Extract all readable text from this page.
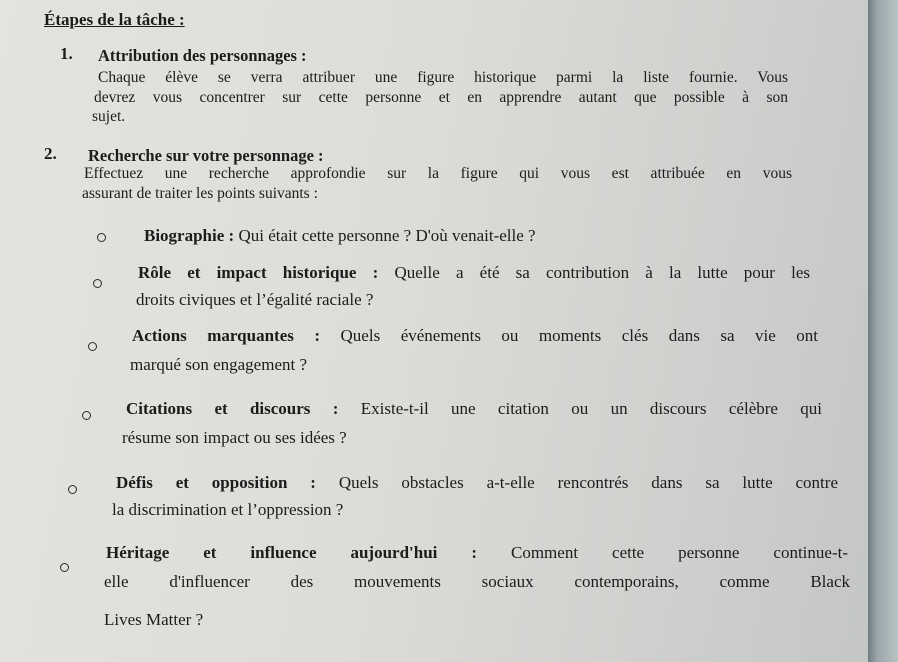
Étapes de la tâche :
1. Attribution des personnages :
Chaque élève se verra attribuer une figure historique parmi la liste fournie. Vous
devrez vous concentrer sur cette personne et en apprendre autant que possible à son
sujet.
2. Recherche sur votre personnage :
Effectuez une recherche approfondie sur la figure qui vous est attribuée en vous
assurant de traiter les points suivants :
Biographie : Qui était cette personne ? D'où venait-elle ?
Rôle et impact historique : Quelle a été sa contribution à la lutte pour les
droits civiques et l’égalité raciale ?
Actions marquantes : Quels événements ou moments clés dans sa vie ont
marqué son engagement ?
Citations et discours : Existe-t-il une citation ou un discours célèbre qui
résume son impact ou ses idées ?
Défis et opposition : Quels obstacles a-t-elle rencontrés dans sa lutte contre
la discrimination et l’oppression ?
Héritage et influence aujourd'hui : Comment cette personne continue-t-
elle d'influencer des mouvements sociaux contemporains, comme Black
Lives Matter ?
